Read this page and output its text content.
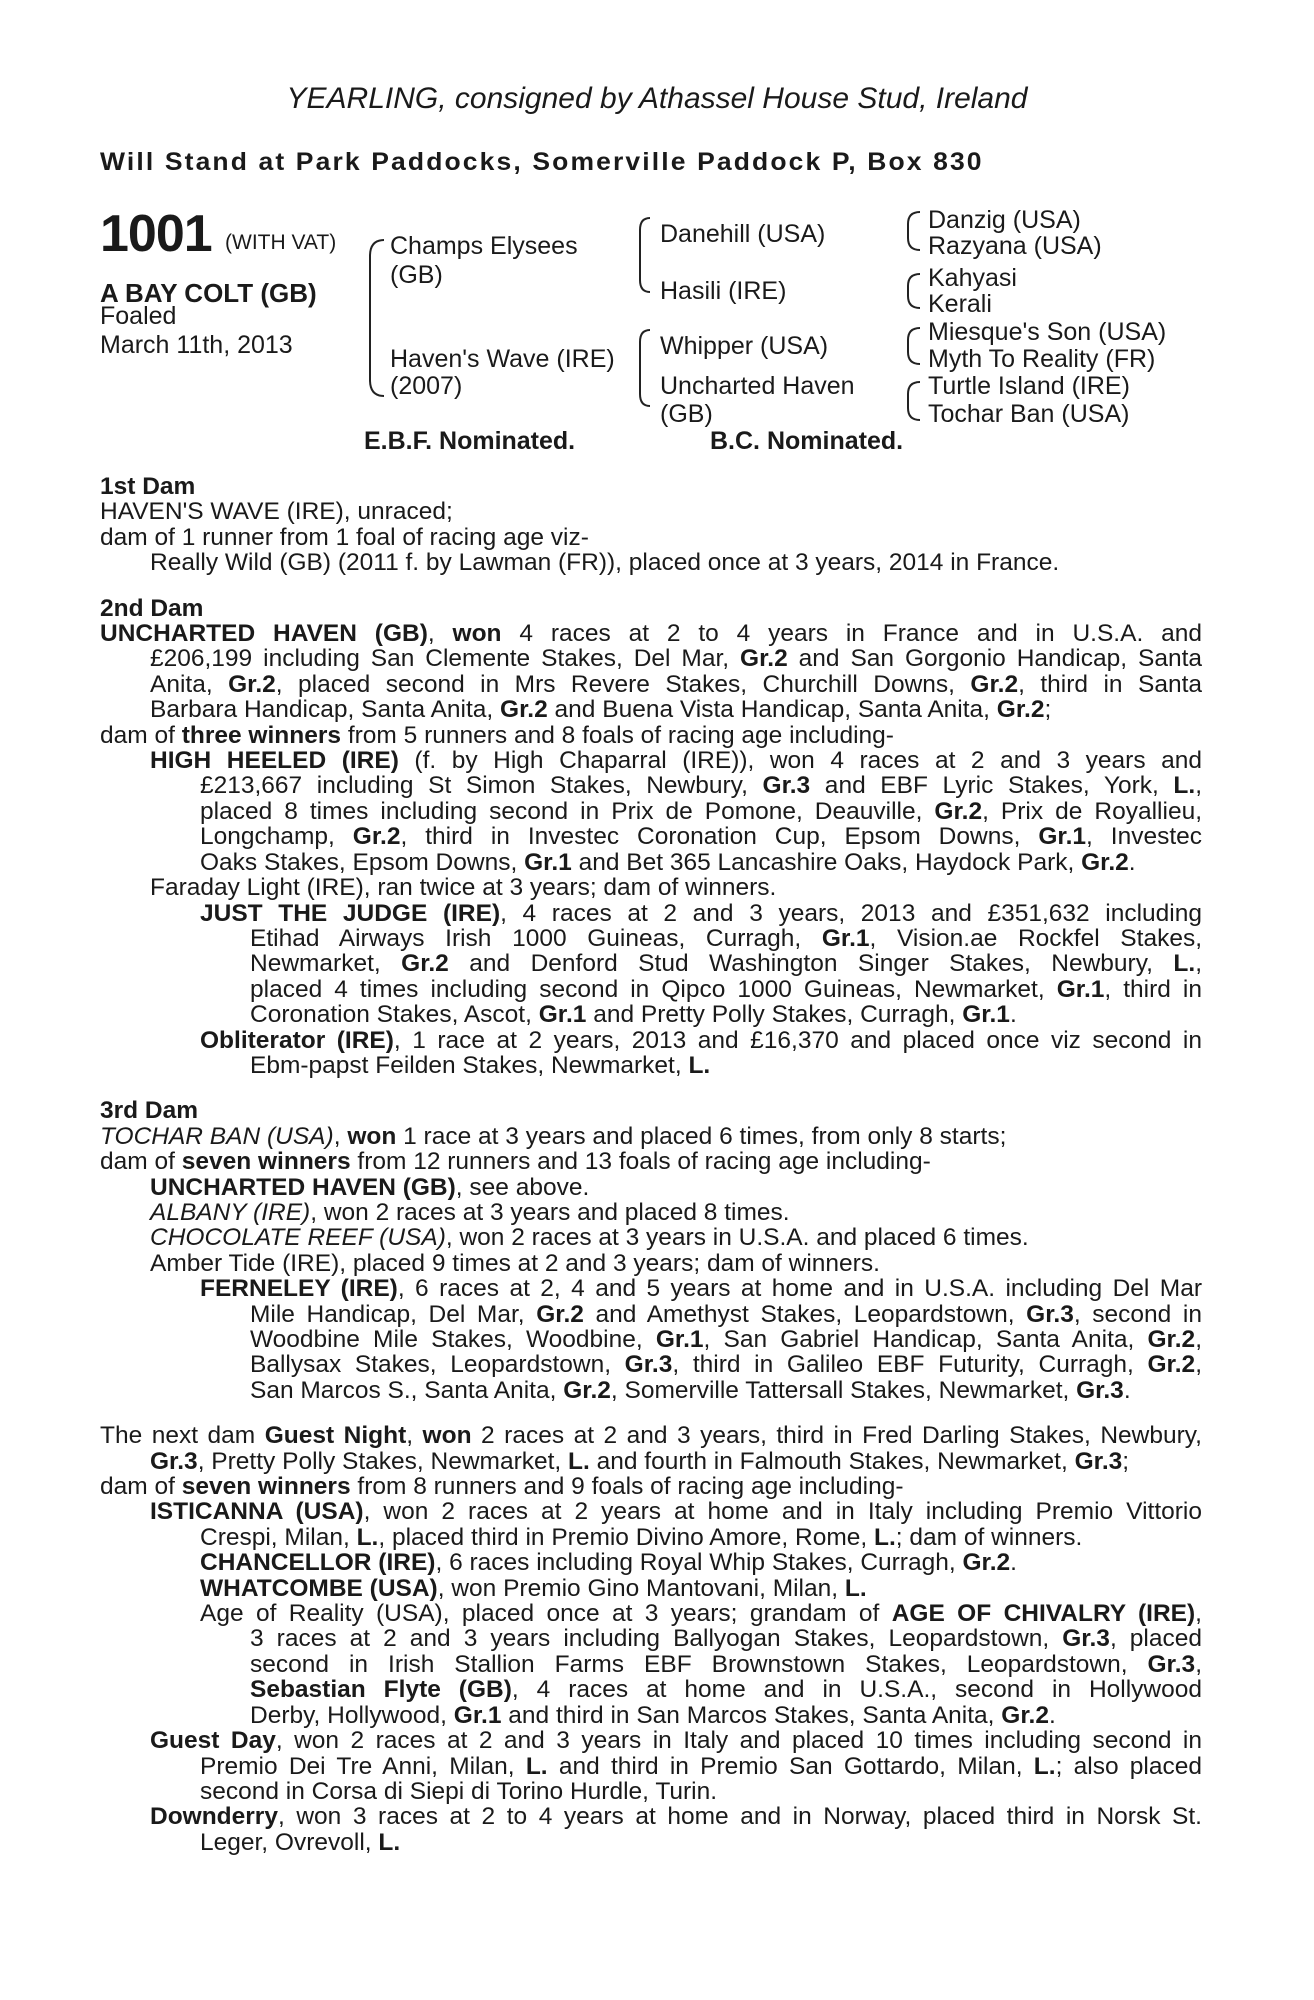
YEARLING, consigned by Athassel House Stud, Ireland
Will Stand at Park Paddocks, Somerville Paddock P, Box 830
1001 (WITH VAT)
A BAY COLT (GB)
Foaled
March 11th, 2013
Champs Elysees
(GB)
Haven's Wave (IRE)
(2007)
Danehill (USA)
Hasili (IRE)
Whipper (USA)
Uncharted Haven
(GB)
Danzig (USA)
Razyana (USA)
Kahyasi
Kerali
Miesque's Son (USA)
Myth To Reality (FR)
Turtle Island (IRE)
Tochar Ban (USA)
E.B.F. Nominated.	B.C. Nominated.
1st Dam
HAVEN'S WAVE (IRE), unraced;
dam of 1 runner from 1 foal of racing age viz-
Really Wild (GB) (2011 f. by Lawman (FR)), placed once at 3 years, 2014 in France.
2nd Dam
UNCHARTED HAVEN (GB), won 4 races at 2 to 4 years in France and in U.S.A. and
£206,199 including San Clemente Stakes, Del Mar, Gr.2 and San Gorgonio Handicap, Santa
Anita, Gr.2, placed second in Mrs Revere Stakes, Churchill Downs, Gr.2, third in Santa
Barbara Handicap, Santa Anita, Gr.2 and Buena Vista Handicap, Santa Anita, Gr.2;
dam of three winners from 5 runners and 8 foals of racing age including-
HIGH HEELED (IRE) (f. by High Chaparral (IRE)), won 4 races at 2 and 3 years and
£213,667 including St Simon Stakes, Newbury, Gr.3 and EBF Lyric Stakes, York, L.,
placed 8 times including second in Prix de Pomone, Deauville, Gr.2, Prix de Royallieu,
Longchamp, Gr.2, third in Investec Coronation Cup, Epsom Downs, Gr.1, Investec
Oaks Stakes, Epsom Downs, Gr.1 and Bet 365 Lancashire Oaks, Haydock Park, Gr.2.
Faraday Light (IRE), ran twice at 3 years; dam of winners.
JUST THE JUDGE (IRE), 4 races at 2 and 3 years, 2013 and £351,632 including
Etihad Airways Irish 1000 Guineas, Curragh, Gr.1, Vision.ae Rockfel Stakes,
Newmarket, Gr.2 and Denford Stud Washington Singer Stakes, Newbury, L.,
placed 4 times including second in Qipco 1000 Guineas, Newmarket, Gr.1, third in
Coronation Stakes, Ascot, Gr.1 and Pretty Polly Stakes, Curragh, Gr.1.
Obliterator (IRE), 1 race at 2 years, 2013 and £16,370 and placed once viz second in
Ebm-papst Feilden Stakes, Newmarket, L.
3rd Dam
TOCHAR BAN (USA), won 1 race at 3 years and placed 6 times, from only 8 starts;
dam of seven winners from 12 runners and 13 foals of racing age including-
UNCHARTED HAVEN (GB), see above.
ALBANY (IRE), won 2 races at 3 years and placed 8 times.
CHOCOLATE REEF (USA), won 2 races at 3 years in U.S.A. and placed 6 times.
Amber Tide (IRE), placed 9 times at 2 and 3 years; dam of winners.
FERNELEY (IRE), 6 races at 2, 4 and 5 years at home and in U.S.A. including Del Mar
Mile Handicap, Del Mar, Gr.2 and Amethyst Stakes, Leopardstown, Gr.3, second in
Woodbine Mile Stakes, Woodbine, Gr.1, San Gabriel Handicap, Santa Anita, Gr.2,
Ballysax Stakes, Leopardstown, Gr.3, third in Galileo EBF Futurity, Curragh, Gr.2,
San Marcos S., Santa Anita, Gr.2, Somerville Tattersall Stakes, Newmarket, Gr.3.
The next dam Guest Night, won 2 races at 2 and 3 years, third in Fred Darling Stakes, Newbury,
Gr.3, Pretty Polly Stakes, Newmarket, L. and fourth in Falmouth Stakes, Newmarket, Gr.3;
dam of seven winners from 8 runners and 9 foals of racing age including-
ISTICANNA (USA), won 2 races at 2 years at home and in Italy including Premio Vittorio
Crespi, Milan, L., placed third in Premio Divino Amore, Rome, L.; dam of winners.
CHANCELLOR (IRE), 6 races including Royal Whip Stakes, Curragh, Gr.2.
WHATCOMBE (USA), won Premio Gino Mantovani, Milan, L.
Age of Reality (USA), placed once at 3 years; grandam of AGE OF CHIVALRY (IRE),
3 races at 2 and 3 years including Ballyogan Stakes, Leopardstown, Gr.3, placed
second in Irish Stallion Farms EBF Brownstown Stakes, Leopardstown, Gr.3,
Sebastian Flyte (GB), 4 races at home and in U.S.A., second in Hollywood
Derby, Hollywood, Gr.1 and third in San Marcos Stakes, Santa Anita, Gr.2.
Guest Day, won 2 races at 2 and 3 years in Italy and placed 10 times including second in
Premio Dei Tre Anni, Milan, L. and third in Premio San Gottardo, Milan, L.; also placed
second in Corsa di Siepi di Torino Hurdle, Turin.
Downderry, won 3 races at 2 to 4 years at home and in Norway, placed third in Norsk St.
Leger, Ovrevoll, L.
